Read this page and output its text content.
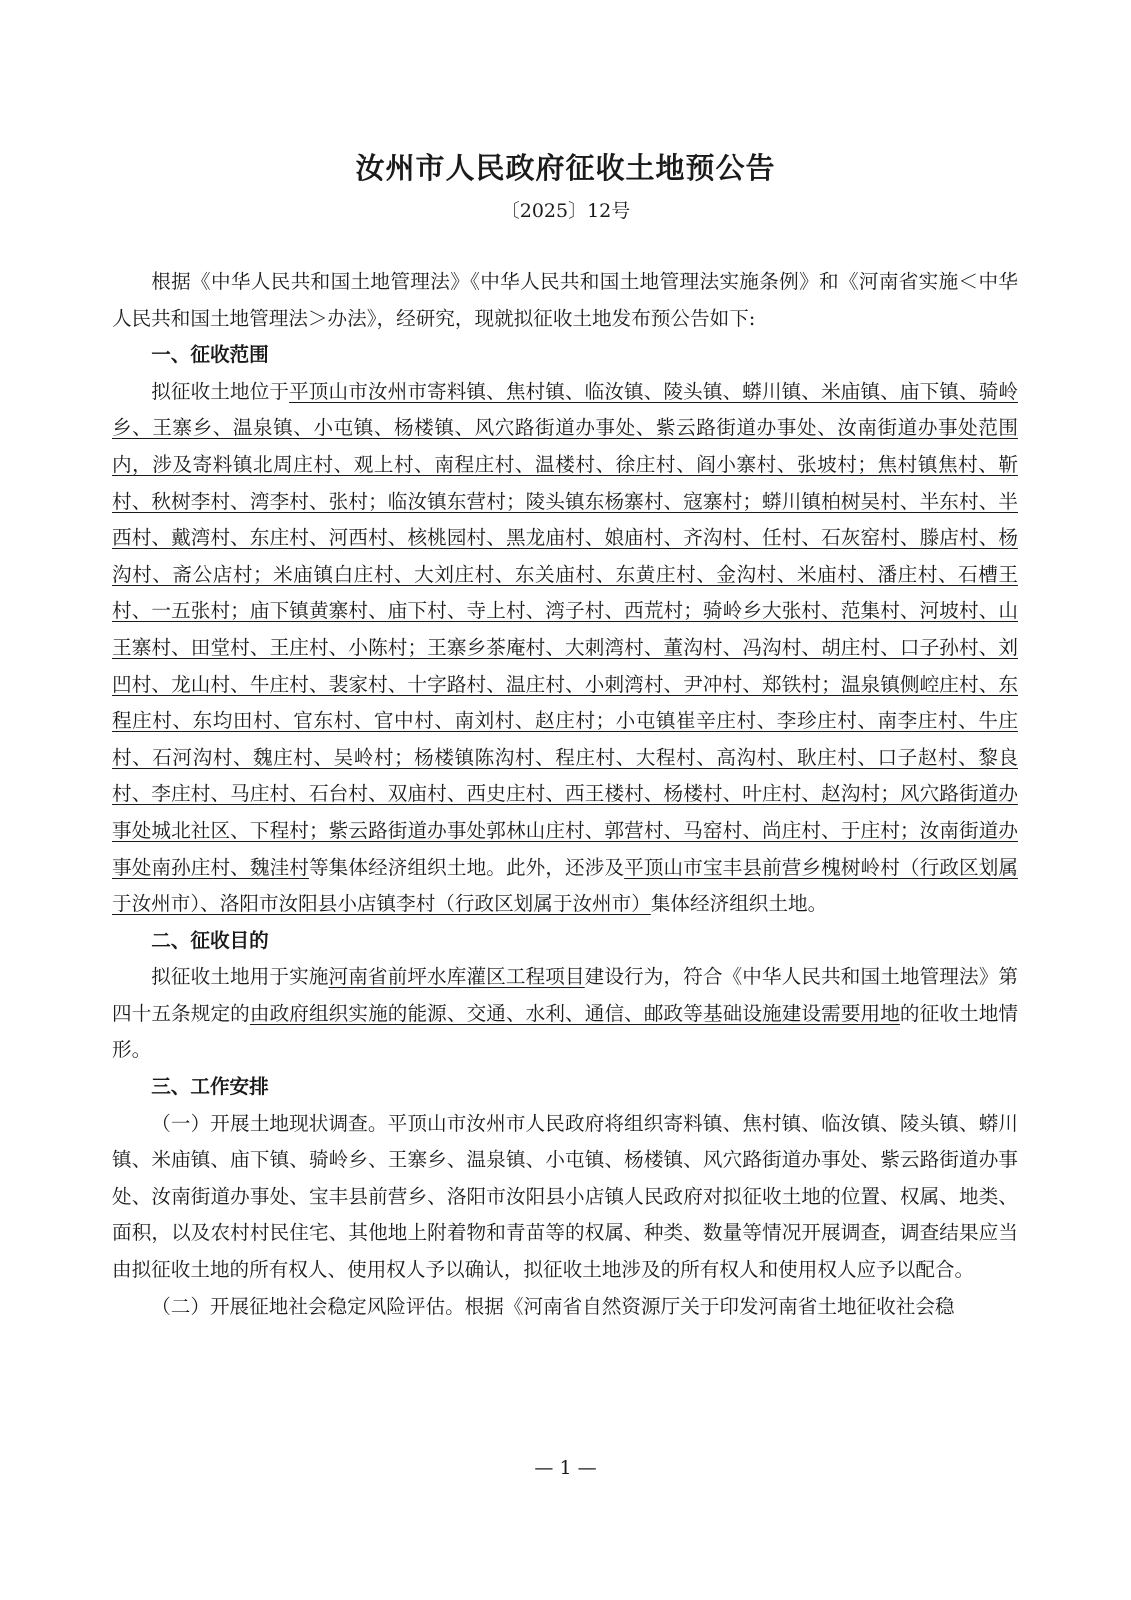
汝州市人民政府征收土地预公告
〔2025〕12号

根据《中华人民共和国土地管理法》《中华人民共和国土地管理法实施条例》和《河南省实施＜中华人民共和国土地管理法＞办法》，经研究，现就拟征收土地发布预公告如下:

一、征收范围

拟征收土地位于平顶山市汝州市寄料镇、焦村镇、临汝镇、陵头镇、蟒川镇、米庙镇、庙下镇、骑岭乡、王寨乡、温泉镇、小屯镇、杨楼镇、风穴路街道办事处、紫云路街道办事处、汝南街道办事处范围内，涉及寄料镇北周庄村、观上村、南程庄村、温楼村、徐庄村、阎小寨村、张坡村；焦村镇焦村、靳村、秋树李村、湾李村、张村；临汝镇东营村；陵头镇东杨寨村、寇寨村；蟒川镇柏树吴村、半东村、半西村、戴湾村、东庄村、河西村、核桃园村、黑龙庙村、娘庙村、齐沟村、任村、石灰窑村、滕店村、杨沟村、斋公店村；米庙镇白庄村、大刘庄村、东关庙村、东黄庄村、金沟村、米庙村、潘庄村、石槽王村、一五张村；庙下镇黄寨村、庙下村、寺上村、湾子村、西荒村；骑岭乡大张村、范集村、河坡村、山王寨村、田堂村、王庄村、小陈村；王寨乡茶庵村、大刺湾村、董沟村、冯沟村、胡庄村、口子孙村、刘凹村、龙山村、牛庄村、裴家村、十字路村、温庄村、小刺湾村、尹冲村、郑铁村；温泉镇侧崆庄村、东程庄村、东均田村、官东村、官中村、南刘村、赵庄村；小屯镇崔辛庄村、李珍庄村、南李庄村、牛庄村、石河沟村、魏庄村、吴岭村；杨楼镇陈沟村、程庄村、大程村、高沟村、耿庄村、口子赵村、黎良村、李庄村、马庄村、石台村、双庙村、西史庄村、西王楼村、杨楼村、叶庄村、赵沟村；风穴路街道办事处城北社区、下程村；紫云路街道办事处郭林山庄村、郭营村、马窑村、尚庄村、于庄村；汝南街道办事处南孙庄村、魏洼村等集体经济组织土地。此外，还涉及平顶山市宝丰县前营乡槐树岭村（行政区划属于汝州市）、洛阳市汝阳县小店镇李村（行政区划属于汝州市）集体经济组织土地。

二、征收目的

拟征收土地用于实施河南省前坪水库灌区工程项目建设行为，符合《中华人民共和国土地管理法》第四十五条规定的由政府组织实施的能源、交通、水利、通信、邮政等基础设施建设需要用地的征收土地情形。

三、工作安排

（一）开展土地现状调查。平顶山市汝州市人民政府将组织寄料镇、焦村镇、临汝镇、陵头镇、蟒川镇、米庙镇、庙下镇、骑岭乡、王寨乡、温泉镇、小屯镇、杨楼镇、风穴路街道办事处、紫云路街道办事处、汝南街道办事处、宝丰县前营乡、洛阳市汝阳县小店镇人民政府对拟征收土地的位置、权属、地类、面积，以及农村村民住宅、其他地上附着物和青苗等的权属、种类、数量等情况开展调查，调查结果应当由拟征收土地的所有权人、使用权人予以确认，拟征收土地涉及的所有权人和使用权人应予以配合。

（二）开展征地社会稳定风险评估。根据《河南省自然资源厅关于印发河南省土地征收社会稳

— 1 —
